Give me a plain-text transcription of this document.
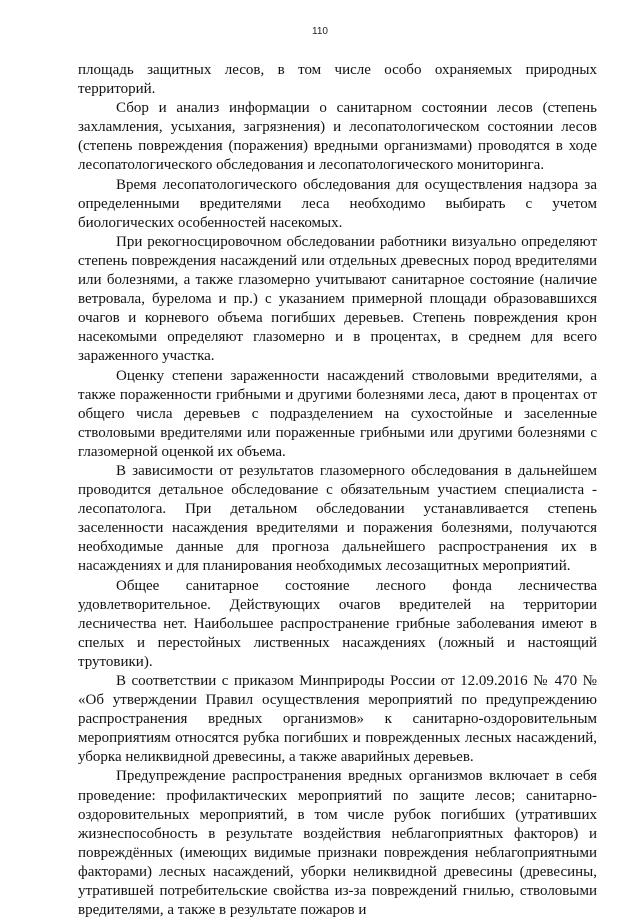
110

площадь защитных лесов, в том числе особо охраняемых природных территорий.

Сбор и анализ информации о санитарном состоянии лесов (степень захламления, усыхания, загрязнения) и лесопатологическом состоянии лесов (степень повреждения (поражения) вредными организмами) проводятся в ходе лесопатологического обследования и лесопатологического мониторинга.

Время лесопатологического обследования для осуществления надзора за определенными вредителями леса необходимо выбирать с учетом биологических особенностей насекомых.

При рекогносцировочном обследовании работники визуально определяют степень повреждения насаждений или отдельных древесных пород вредителями или болезнями, а также глазомерно учитывают санитарное состояние (наличие ветровала, бурелома и пр.) с указанием примерной площади образовавшихся очагов и корневого объема погибших деревьев. Степень повреждения крон насекомыми определяют глазомерно и в процентах, в среднем для всего зараженного участка.

Оценку степени зараженности насаждений стволовыми вредителями, а также пораженности грибными и другими болезнями леса, дают в процентах от общего числа деревьев с подразделением на сухостойные и заселенные стволовыми вредителями или пораженные грибными или другими болезнями с глазомерной оценкой их объема.

В зависимости от результатов глазомерного обследования в дальнейшем проводится детальное обследование с обязательным участием специалиста - лесопатолога. При детальном обследовании устанавливается степень заселенности насаждения вредителями и поражения болезнями, получаются необходимые данные для прогноза дальнейшего распространения их в насаждениях и для планирования необходимых лесозащитных мероприятий.

Общее санитарное состояние лесного фонда лесничества удовлетворительное. Действующих очагов вредителей на территории лесничества нет. Наибольшее распространение грибные заболевания имеют в спелых и перестойных лиственных насаждениях (ложный и настоящий трутовики).

В соответствии с приказом Минприроды России от 12.09.2016 № 470 № «Об утверждении Правил осуществления мероприятий по предупреждению распространения вредных организмов» к санитарно-оздоровительным мероприятиям относятся рубка погибших и поврежденных лесных насаждений, уборка неликвидной древесины, а также аварийных деревьев.

Предупреждение распространения вредных организмов включает в себя проведение: профилактических мероприятий по защите лесов; санитарно-оздоровительных мероприятий, в том числе рубок погибших (утративших жизнеспособность в результате воздействия неблагоприятных факторов) и повреждённых (имеющих видимые признаки повреждения неблагоприятными факторами) лесных насаждений, уборки неликвидной древесины (древесины, утратившей потребительские свойства из-за повреждений гнилью, стволовыми вредителями, а также в результате пожаров и
